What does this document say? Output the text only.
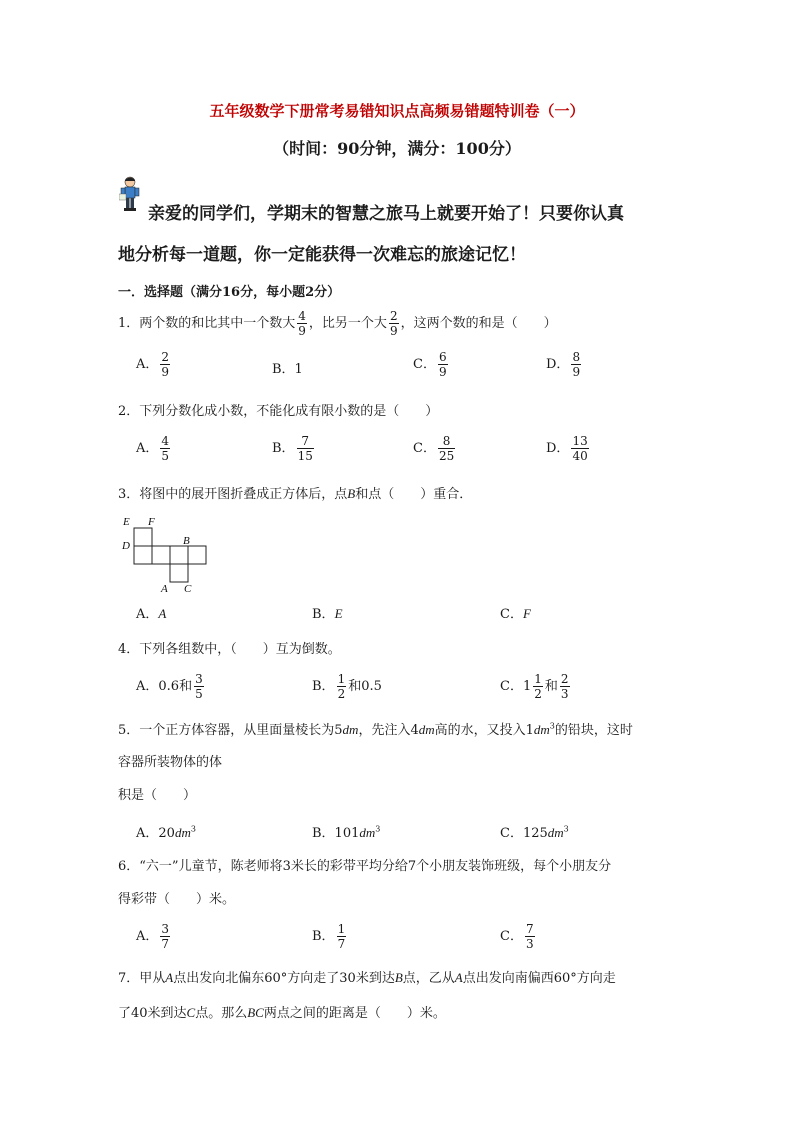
五年级数学下册常考易错知识点高频易错题特训卷（一）
（时间：90分钟，满分：100分）
亲爱的同学们，学期末的智慧之旅马上就要开始了！只要你认真
地分析每一道题，你一定能获得一次难忘的旅途记忆！
一．选择题（满分16分，每小题2分）
1．两个数的和比其中一个数大 $\frac{4}{9}$ ，比另一个大 $\frac{2}{9}$ ，这两个数的和是（　　）
A． $\frac{2}{9}$	B．1	C． $\frac{6}{9}$	D． $\frac{8}{9}$
2．下列分数化成小数，不能化成有限小数的是（　　）
A． $\frac{4}{5}$	B． $\frac{7}{15}$	C． $\frac{8}{25}$	D． $\frac{13}{40}$
3．将图中的展开图折叠成正方体后，点B和点（　　）重合．
E F
D	B
A C
A．A	B．E	C．F
4．下列各组数中，（　　）互为倒数。
A．0.6和 $\frac{3}{5}$	B． $\frac{1}{2}$ 和0.5	C．$1 \frac{1}{2}$ 和 $\frac{2}{3}$
5．一个正方体容器，从里面量棱长为5dm，先注入4dm高的水，又投入$1dm^3$的铅块，这时
容器所装物体的体
积是（　　）
A．$20dm^3$	B．$101dm^3$	C．$125dm^3$
6．“六一”儿童节，陈老师将3米长的彩带平均分给7个小朋友装饰班级，每个小朋友分
得彩带（　　）米。
A． $\frac{3}{7}$	B． $\frac{1}{7}$	C． $\frac{7}{3}$
7．甲从A点出发向北偏东60°方向走了30米到达B点，乙从A点出发向南偏西60°方向走
了40米到达C点。那么BC两点之间的距离是（　　）米。
